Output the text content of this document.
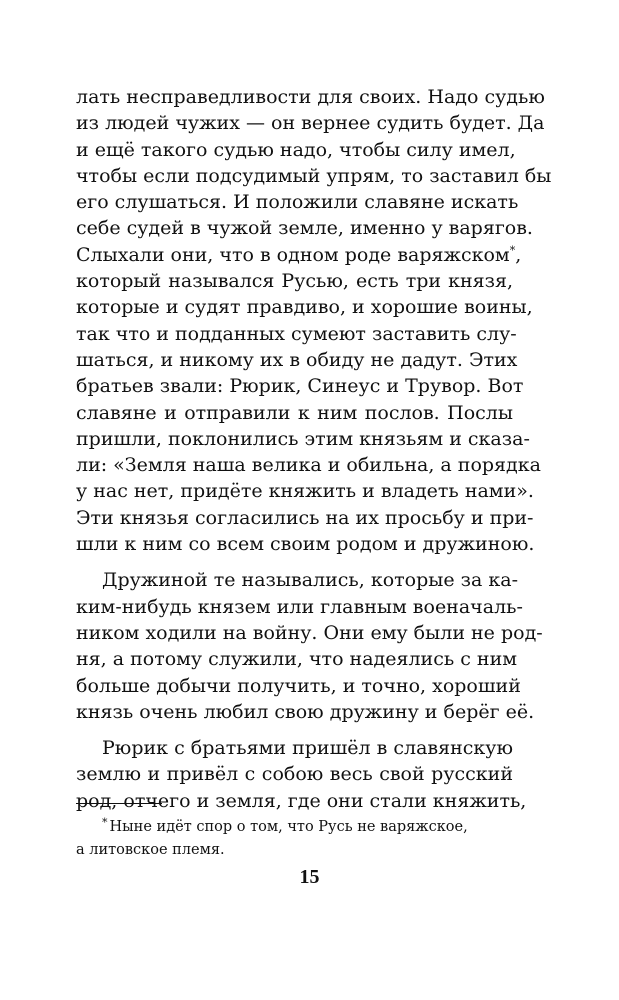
лать несправедливости для своих. Надо судью
из людей чужих — он вернее судить будет. Да
и ещё такого судью надо, чтобы силу имел,
чтобы если подсудимый упрям, то заставил бы
его слушаться. И положили славяне искать
себе судей в чужой земле, именно у варягов.
Слыхали они, что в одном роде варяжском*,
который назывался Русью, есть три князя,
которые и судят правдиво, и хорошие воины,
так что и подданных сумеют заставить слу-
шаться, и никому их в обиду не дадут. Этих
братьев звали: Рюрик, Синеус и Трувор. Вот
славяне и отправили к ним послов. Послы
пришли, поклонились этим князьям и сказа-
ли: «Земля наша велика и обильна, а порядка
у нас нет, придёте княжить и владеть нами».
Эти князья согласились на их просьбу и при-
шли к ним со всем своим родом и дружиною.
Дружиной те назывались, которые за ка-
ким-нибудь князем или главным военачаль-
ником ходили на войну. Они ему были не род-
ня, а потому служили, что надеялись с ним
больше добычи получить, и точно, хороший
князь очень любил свою дружину и берёг её.
Рюрик с братьями пришёл в славянскую
землю и привёл с собою весь свой русский
род, отчего и земля, где они стали княжить,
* Ныне идёт спор о том, что Русь не варяжское,
а литовское племя.
15
